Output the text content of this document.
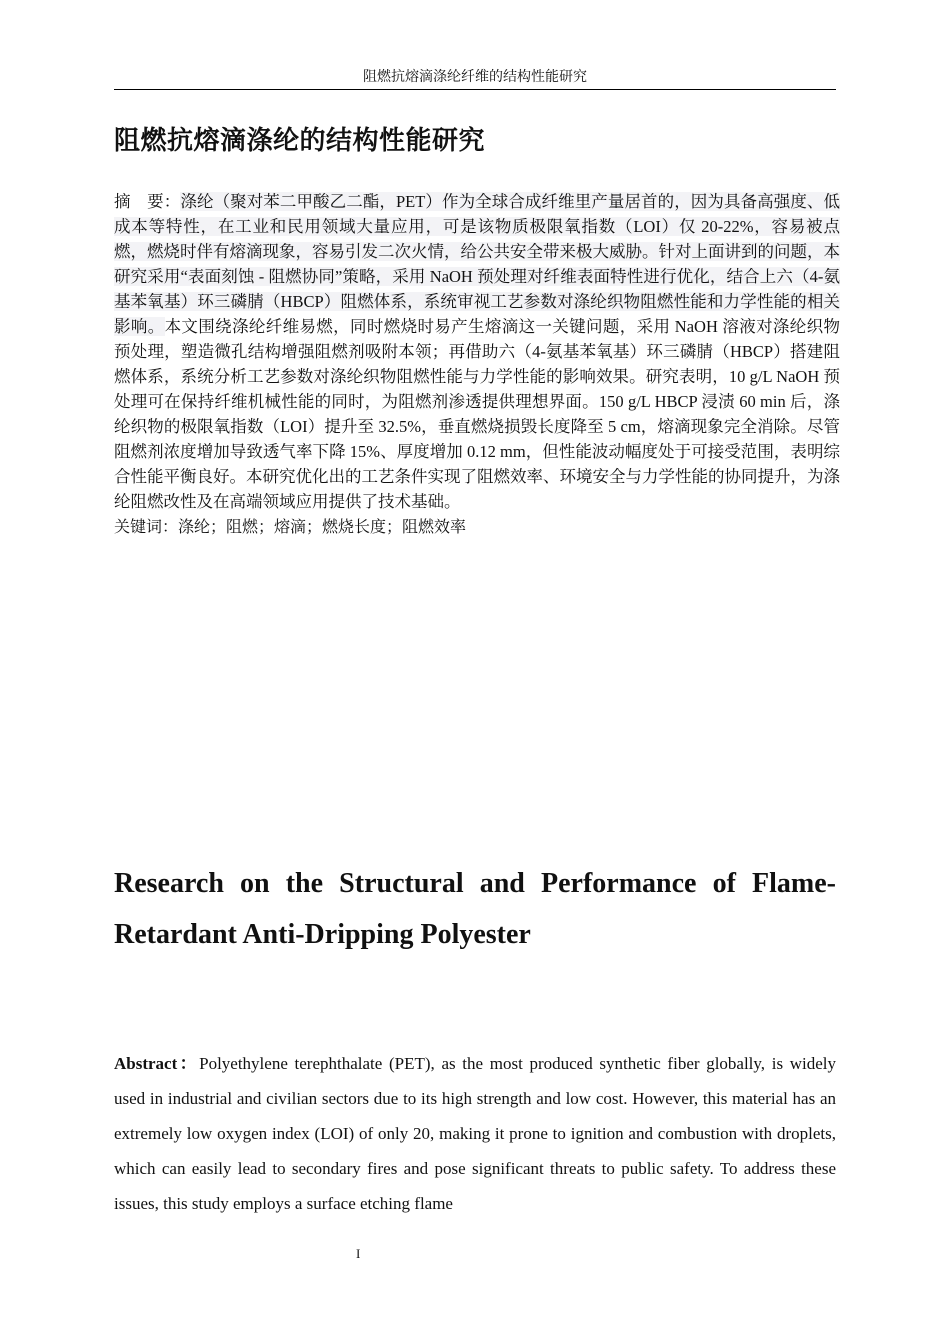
阻燃抗熔滴涤纶纤维的结构性能研究
阻燃抗熔滴涤纶的结构性能研究

摘　要：涤纶（聚对苯二甲酸乙二酯，PET）作为全球合成纤维里产量居首的，因为具备高强度、低成本等特性，在工业和民用领域大量应用，可是该物质极限氧指数（LOI）仅 20-22%，容易被点燃，燃烧时伴有熔滴现象，容易引发二次火情，给公共安全带来极大威胁。针对上面讲到的问题，本研究采用“表面刻蚀 - 阻燃协同”策略，采用 NaOH 预处理对纤维表面特性进行优化，结合上六（4-氨基苯氧基）环三磷腈（HBCP）阻燃体系，系统审视工艺参数对涤纶织物阻燃性能和力学性能的相关影响。本文围绕涤纶纤维易燃，同时燃烧时易产生熔滴这一关键问题，采用 NaOH 溶液对涤纶织物预处理，塑造微孔结构增强阻燃剂吸附本领；再借助六（4-氨基苯氧基）环三磷腈（HBCP）搭建阻燃体系，系统分析工艺参数对涤纶织物阻燃性能与力学性能的影响效果。研究表明，10 g/L NaOH 预处理可在保持纤维机械性能的同时，为阻燃剂渗透提供理想界面。150 g/L HBCP 浸渍 60 min 后，涤纶织物的极限氧指数（LOI）提升至 32.5%，垂直燃烧损毁长度降至 5 cm，熔滴现象完全消除。尽管阻燃剂浓度增加导致透气率下降 15%、厚度增加 0.12 mm，但性能波动幅度处于可接受范围，表明综合性能平衡良好。本研究优化出的工艺条件实现了阻燃效率、环境安全与力学性能的协同提升，为涤纶阻燃改性及在高端领域应用提供了技术基础。

关键词：涤纶；阻燃；熔滴；燃烧长度；阻燃效率

Research on the Structural and Performance of Flame-Retardant Anti-Dripping Polyester

Abstract：Polyethylene terephthalate (PET), as the most produced synthetic fiber globally, is widely used in industrial and civilian sectors due to its high strength and low cost. However, this material has an extremely low oxygen index (LOI) of only 20, making it prone to ignition and combustion with droplets, which can easily lead to secondary fires and pose significant threats to public safety. To address these issues, this study employs a surface etching flame

I
